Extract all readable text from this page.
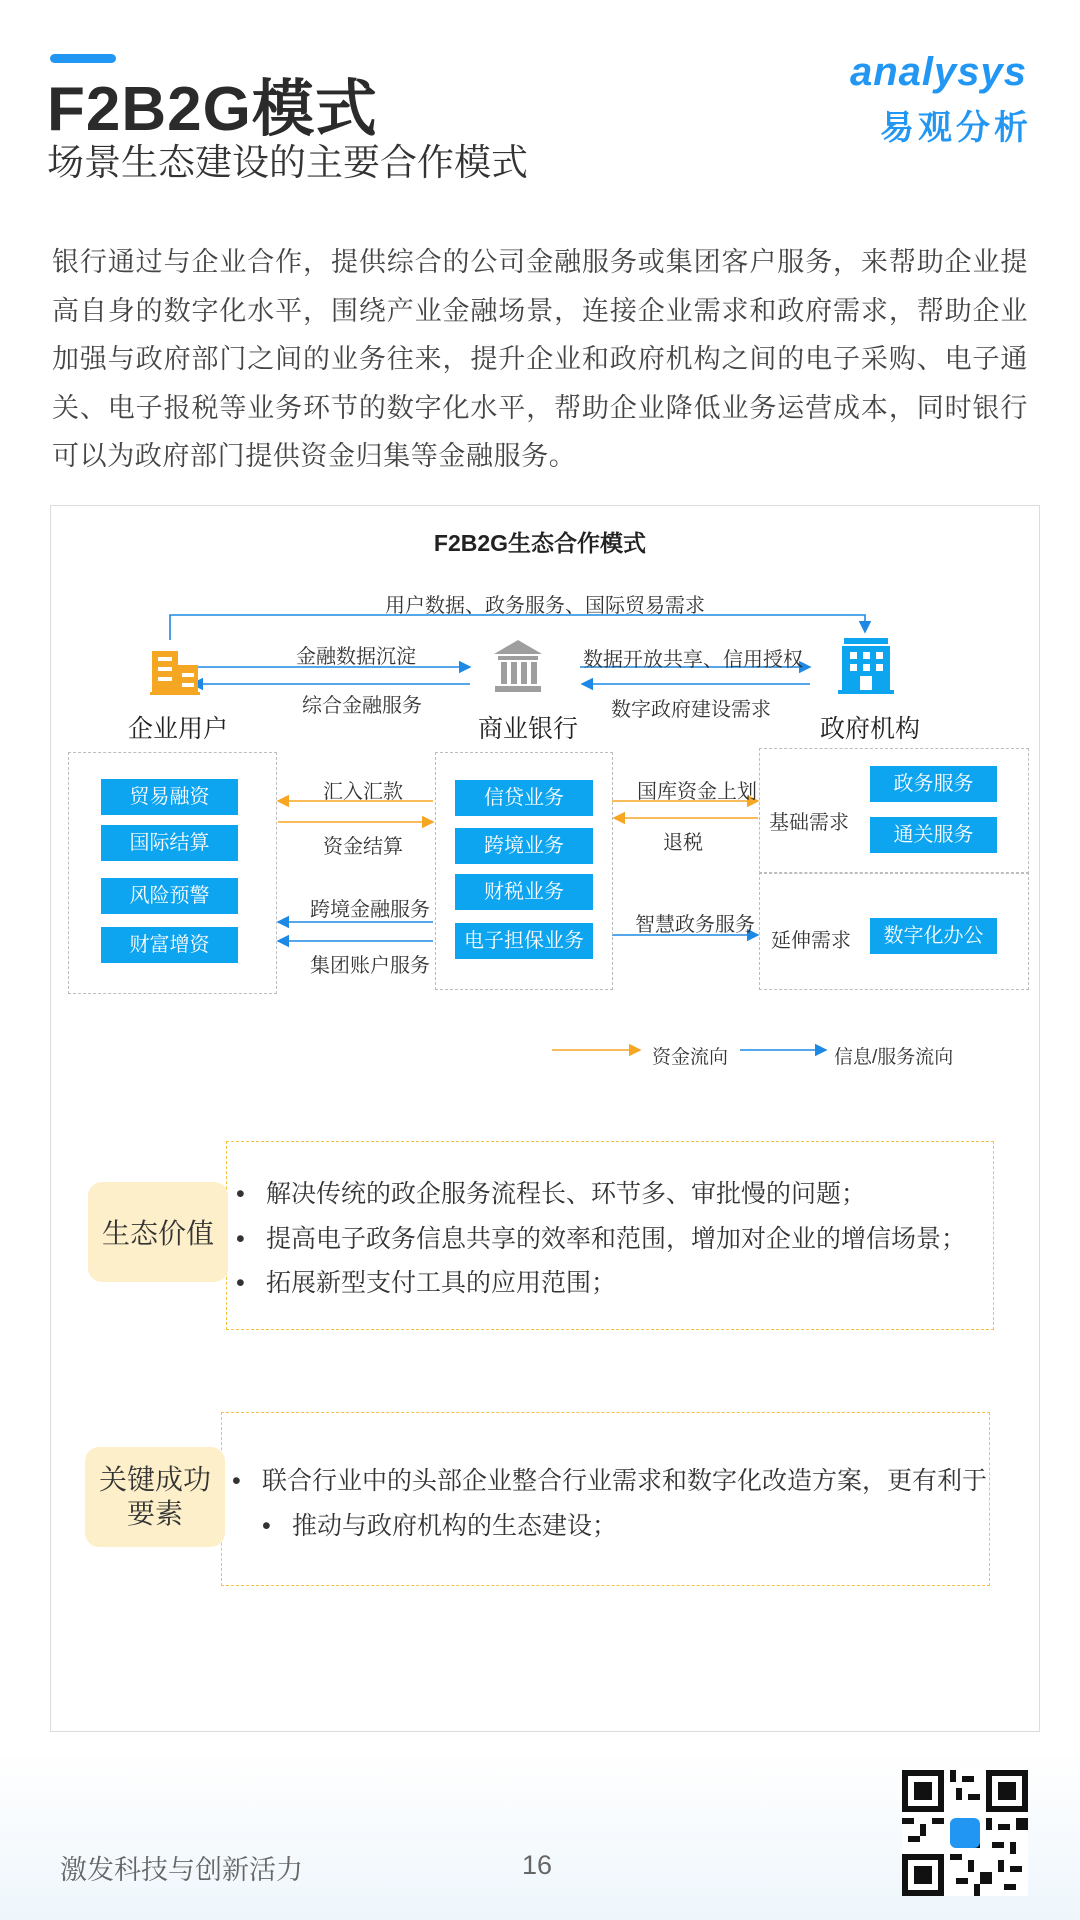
F2B2G模式
场景生态建设的主要合作模式
analysys
易观分析
银行通过与企业合作，提供综合的公司金融服务或集团客户服务，来帮助企业提高自身的数字化水平，围绕产业金融场景，连接企业需求和政府需求，帮助企业加强与政府部门之间的业务往来，提升企业和政府机构之间的电子采购、电子通关、电子报税等业务环节的数字化水平，帮助企业降低业务运营成本，同时银行可以为政府部门提供资金归集等金融服务。
F2B2G生态合作模式
用户数据、政务服务、国际贸易需求
企业用户	商业银行	政府机构
金融数据沉淀
综合金融服务
数据开放共享、信用授权
数字政府建设需求
贸易融资
国际结算
风险预警
财富增资
信贷业务
跨境业务
财税业务
电子担保业务
汇入汇款
资金结算
跨境金融服务
集团账户服务
国库资金上划
退税
智慧政务服务
基础需求
政务服务
通关服务
延伸需求	数字化办公
资金流向	信息/服务流向
生态价值
• 解决传统的政企服务流程长、环节多、审批慢的问题；
• 提高电子政务信息共享的效率和范围，增加对企业的增信场景；
• 拓展新型支付工具的应用范围；
关键成功
要素
• 联合行业中的头部企业整合行业需求和数字化改造方案，更有利于
• 推动与政府机构的生态建设；
激发科技与创新活力	16
